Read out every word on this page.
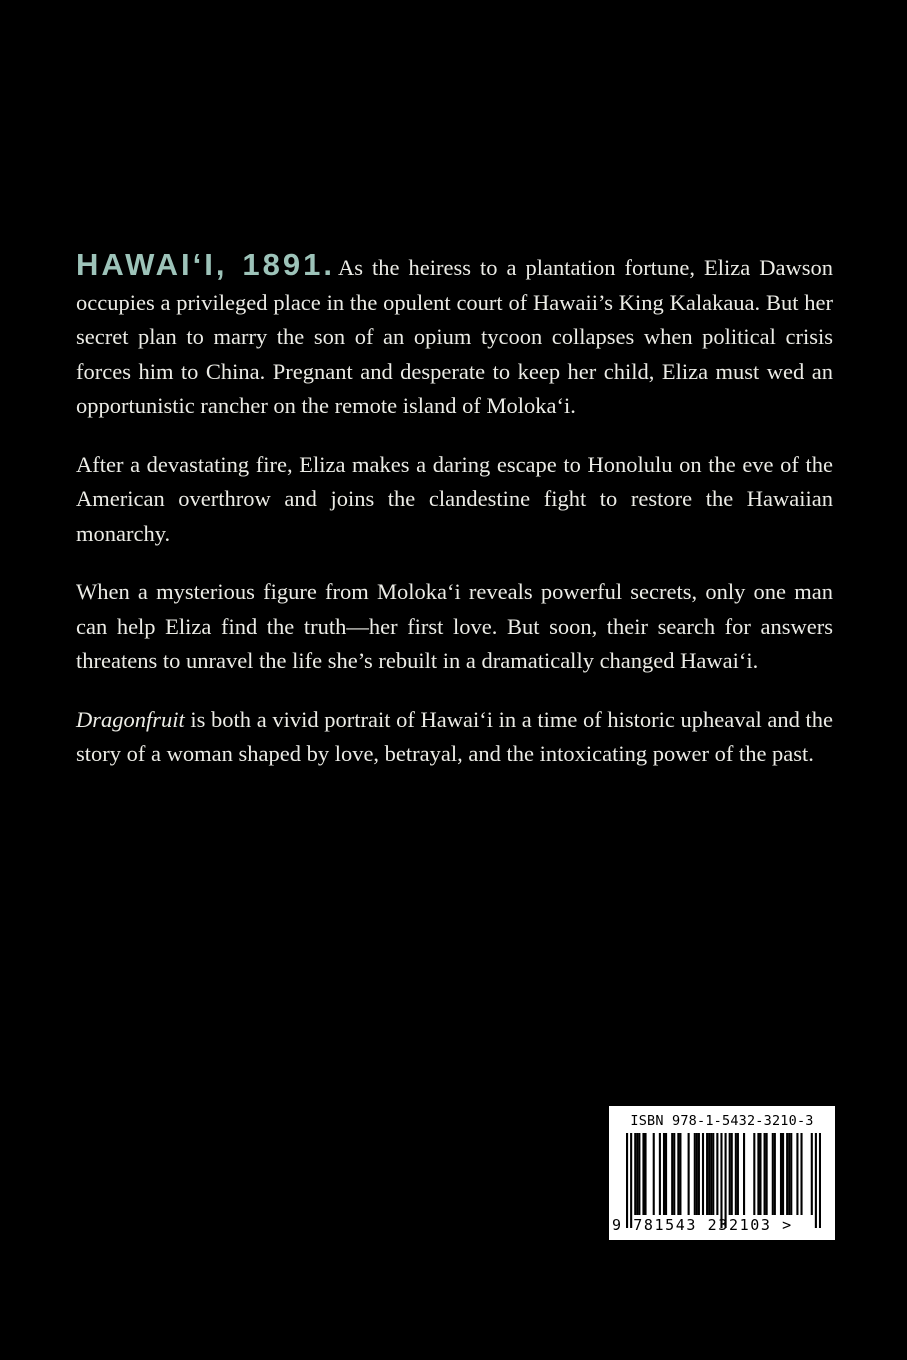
HAWAI‘I, 1891. As the heiress to a plantation fortune, Eliza Dawson occupies a privileged place in the opulent court of Hawaii’s King Kalakaua. But her secret plan to marry the son of an opium tycoon collapses when political crisis forces him to China. Pregnant and desperate to keep her child, Eliza must wed an opportunistic rancher on the remote island of Moloka‘i.

After a devastating fire, Eliza makes a daring escape to Honolulu on the eve of the American overthrow and joins the clandestine fight to restore the Hawaiian monarchy.

When a mysterious figure from Moloka‘i reveals powerful secrets, only one man can help Eliza find the truth—her first love. But soon, their search for answers threatens to unravel the life she’s rebuilt in a dramatically changed Hawai‘i.

Dragonfruit is both a vivid portrait of Hawai‘i in a time of historic upheaval and the story of a woman shaped by love, betrayal, and the intoxicating power of the past.

ISBN 978-1-5432-3210-3
9 781543 232103 >
